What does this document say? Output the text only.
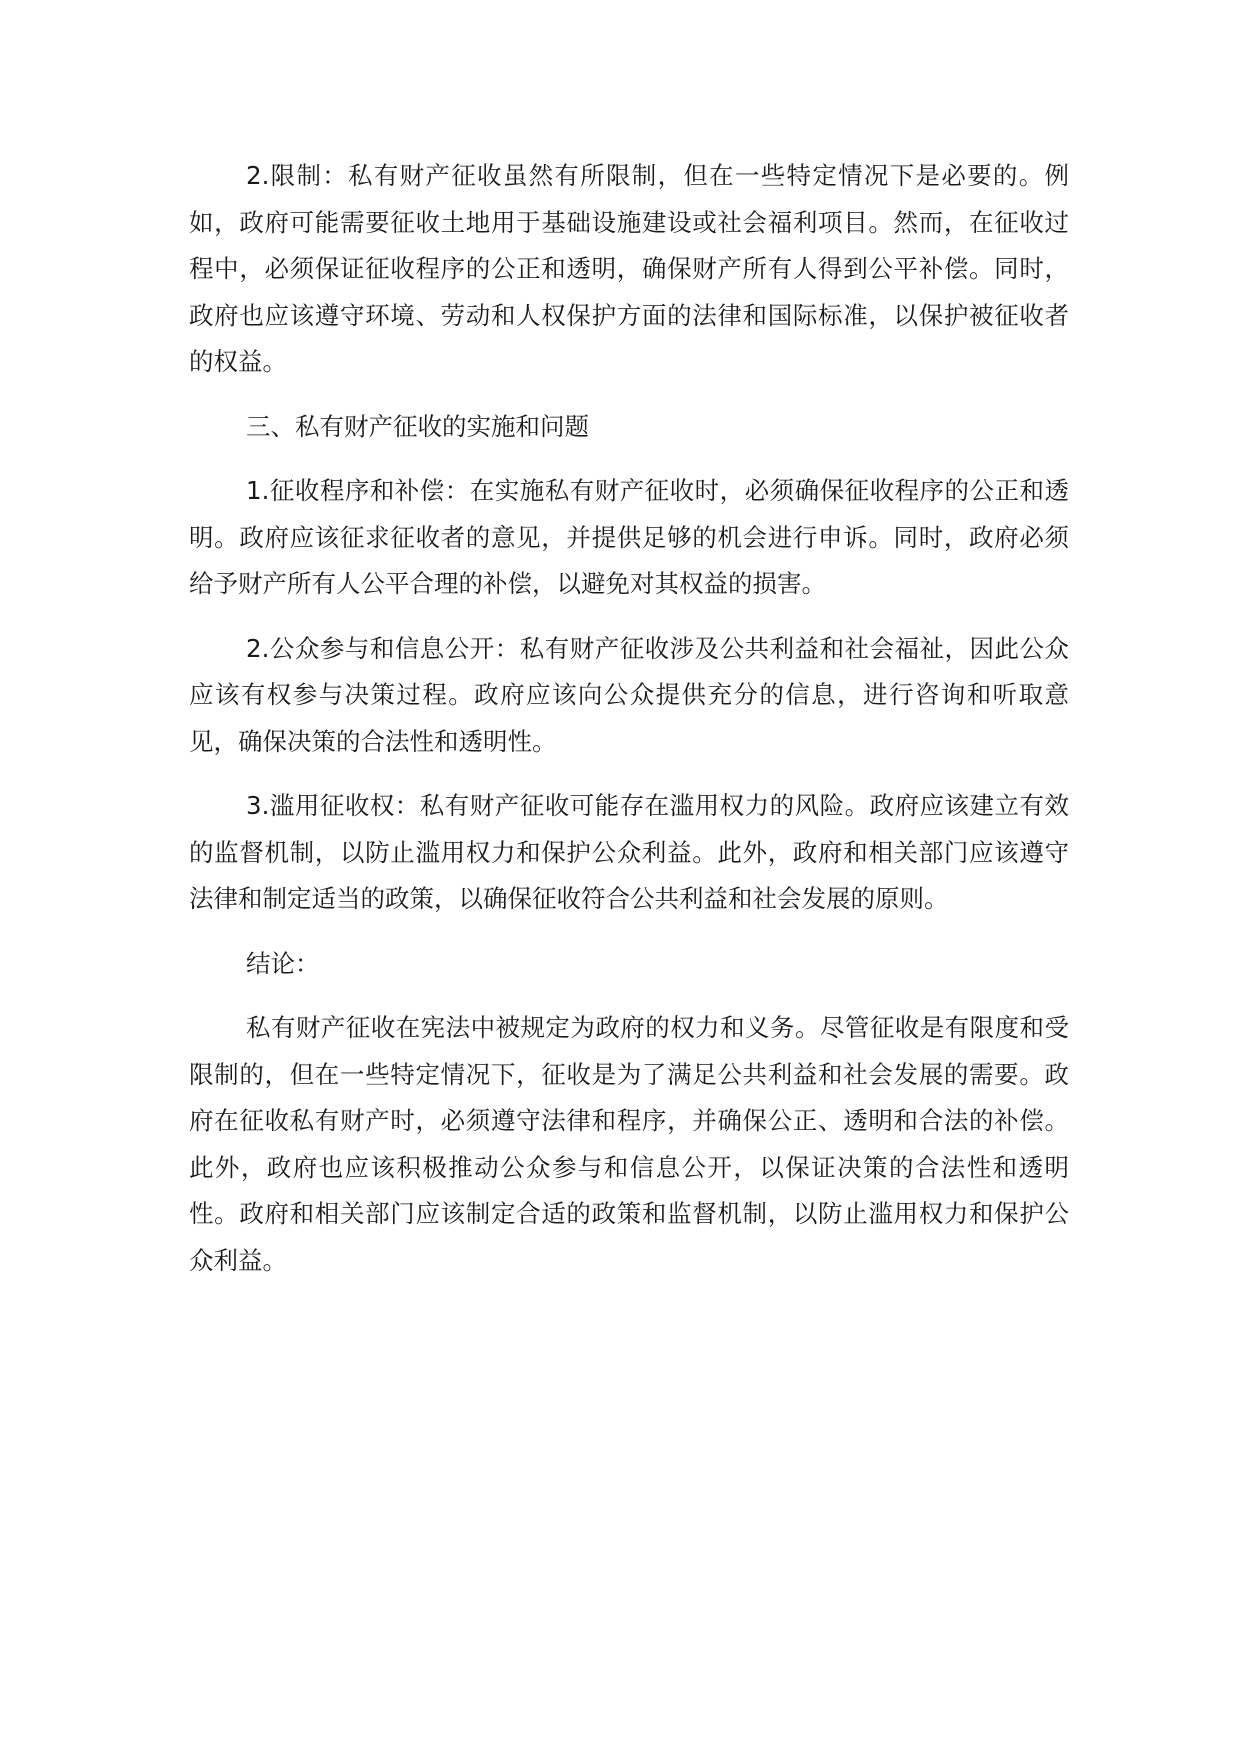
2.限制：私有财产征收虽然有所限制，但在一些特定情况下是必要的。例如，政府可能需要征收土地用于基础设施建设或社会福利项目。然而，在征收过程中，必须保证征收程序的公正和透明，确保财产所有人得到公平补偿。同时，政府也应该遵守环境、劳动和人权保护方面的法律和国际标准，以保护被征收者的权益。

三、私有财产征收的实施和问题

1.征收程序和补偿：在实施私有财产征收时，必须确保征收程序的公正和透明。政府应该征求征收者的意见，并提供足够的机会进行申诉。同时，政府必须给予财产所有人公平合理的补偿，以避免对其权益的损害。

2.公众参与和信息公开：私有财产征收涉及公共利益和社会福祉，因此公众应该有权参与决策过程。政府应该向公众提供充分的信息，进行咨询和听取意见，确保决策的合法性和透明性。

3.滥用征收权：私有财产征收可能存在滥用权力的风险。政府应该建立有效的监督机制，以防止滥用权力和保护公众利益。此外，政府和相关部门应该遵守法律和制定适当的政策，以确保征收符合公共利益和社会发展的原则。

结论：

私有财产征收在宪法中被规定为政府的权力和义务。尽管征收是有限度和受限制的，但在一些特定情况下，征收是为了满足公共利益和社会发展的需要。政府在征收私有财产时，必须遵守法律和程序，并确保公正、透明和合法的补偿。此外，政府也应该积极推动公众参与和信息公开，以保证决策的合法性和透明性。政府和相关部门应该制定合适的政策和监督机制，以防止滥用权力和保护公众利益。
